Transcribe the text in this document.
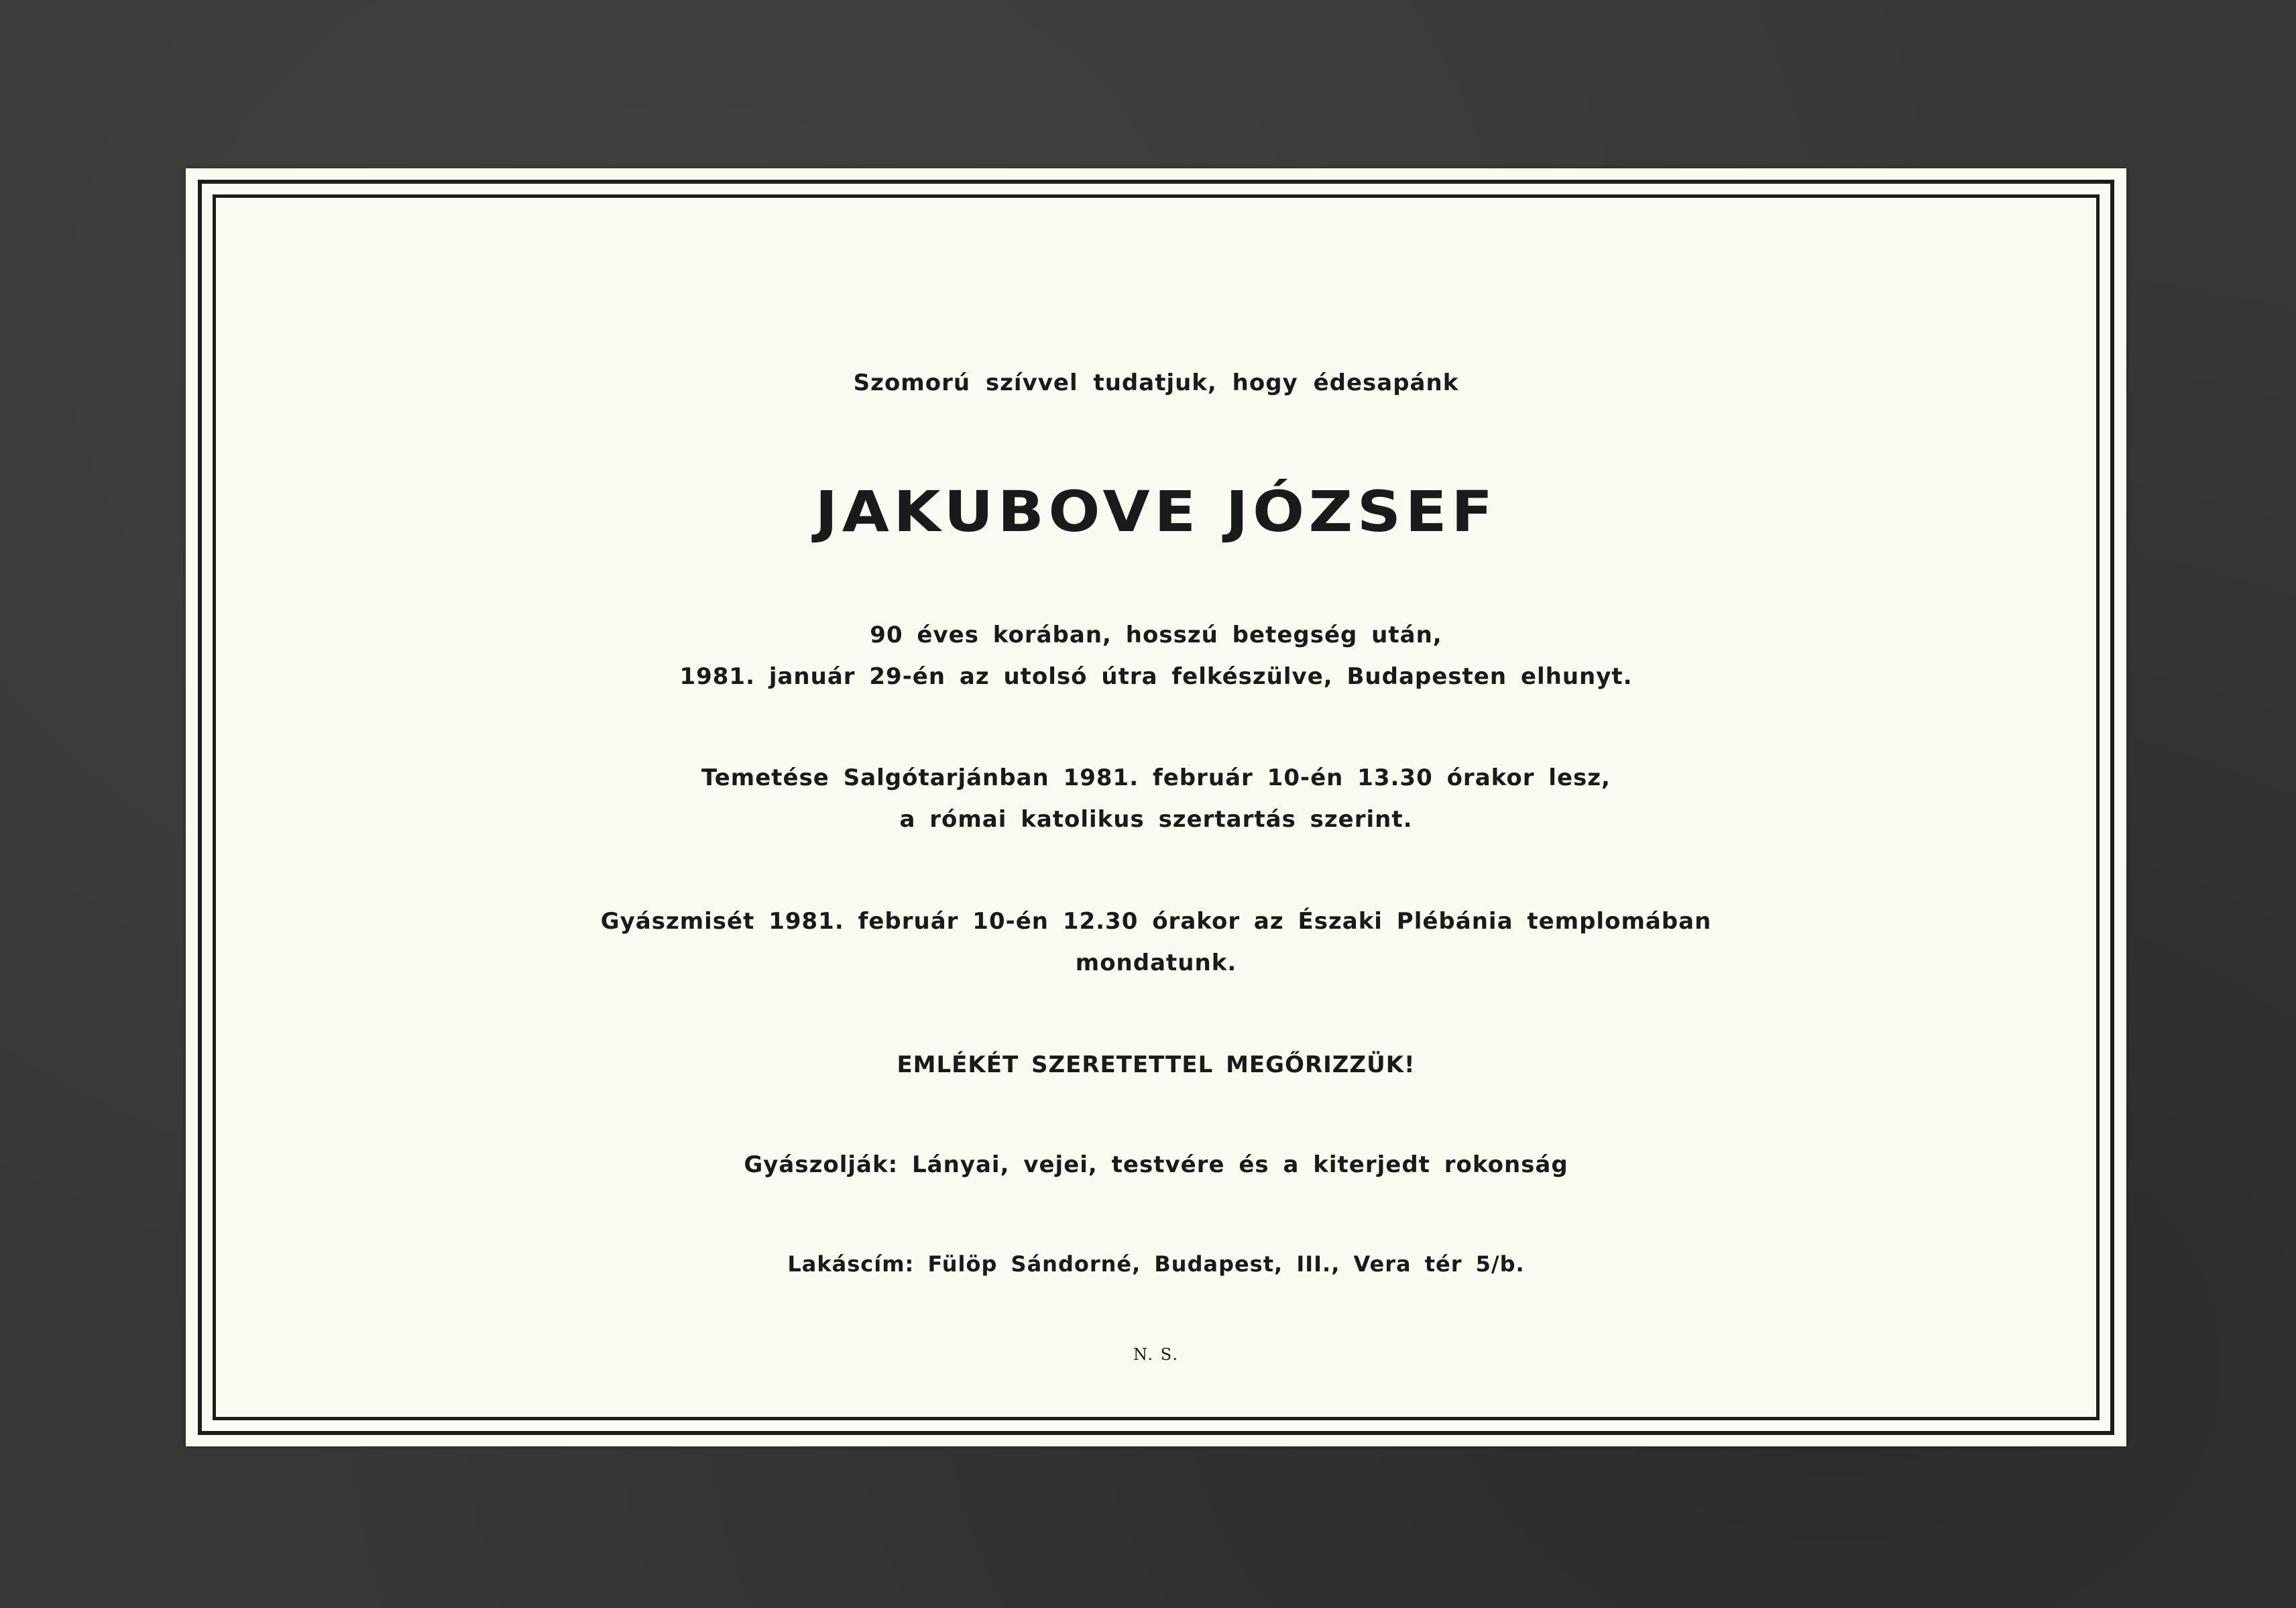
Szomorú szívvel tudatjuk, hogy édesapánk
JAKUBOVE JÓZSEF
90 éves korában, hosszú betegség után,
1981. január 29-én az utolsó útra felkészülve, Budapesten elhunyt.
Temetése Salgótarjánban 1981. február 10-én 13.30 órakor lesz,
a római katolikus szertartás szerint.
Gyászmisét 1981. február 10-én 12.30 órakor az Északi Plébánia templomában
mondatunk.
EMLÉKÉT SZERETETTEL MEGŐRIZZÜK!
Gyászolják: Lányai, vejei, testvére és a kiterjedt rokonság
Lakáscím: Fülöp Sándorné, Budapest, III., Vera tér 5/b.
N. S.
